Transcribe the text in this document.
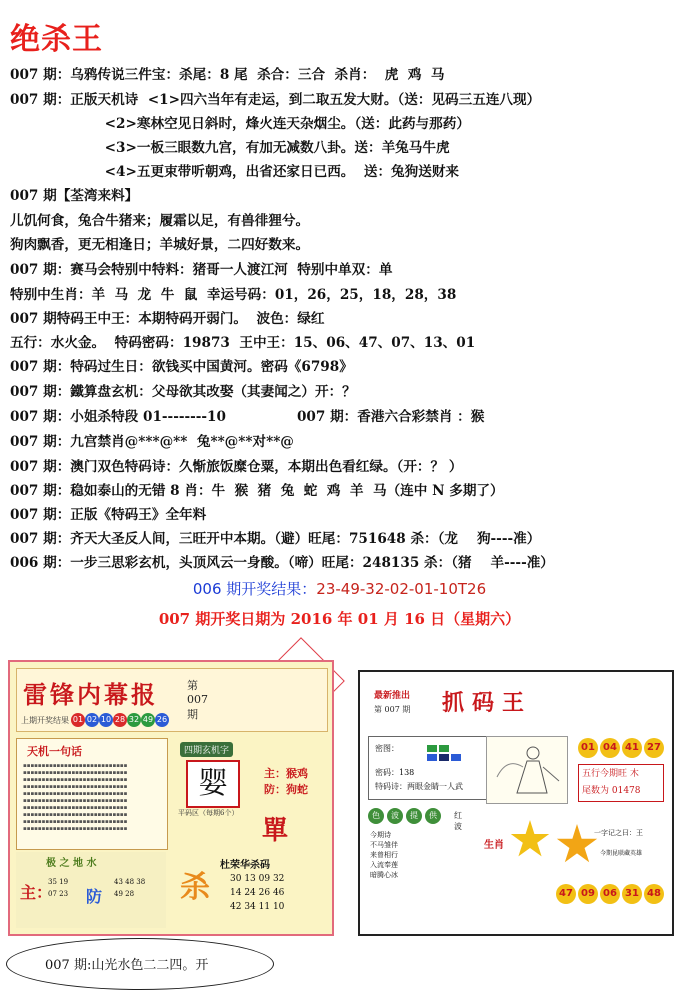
绝杀王
007 期：乌鸦传说三件宝：杀尾：8 尾  杀合：三合  杀肖：  虎  鸡  马
007 期：正版天机诗  <1>四六当年有走运，到二取五发大财。（送：见码三五连八现）
<2>寒林空见日斜时，烽火连天杂烟尘。（送：此药与那药）
<3>一板三眼数九宫，有加无减数八卦。送：羊兔马牛虎
<4>五更束带听朝鸡，出省还家日已西。  送：兔狗送财来
007 期【荃湾来料】
儿饥何食，兔合牛猪来；履霜以足，有兽徘狸兮。
狗肉飘香，更无相逢日；羊城好景，二四好数来。
007 期：赛马会特别中特料：猪哥一人渡江河  特别中单双：单
特别中生肖：羊  马  龙  牛  鼠  幸运号码：01，26，25，18，28，38
007 期特码王中王：本期特码开弱门。  波色：绿红
五行：水火金。  特码密码：19873  王中王：15、06、47、07、13、01
007 期：特码过生日：欲钱买中国黄河。密码《6798》
007 期：鐵算盘玄机：父母欲其改娶（其妻闻之）开：？
007 期：小姐杀特段 01--------10               007 期：香港六合彩禁肖 ：猴
007 期：九宫禁肖@***@**  兔**@**对**@
007 期：澳门双色特码诗：久惭旅饭糜仓粟，本期出色看红绿。（开：？ ）
007 期：稳如泰山的无错 8 肖：牛  猴  猪  兔  蛇  鸡  羊  马（连中 N 多期了）
007 期：正版《特码王》全年料
007 期：齐天大圣反人间，三旺开中本期。（避）旺尾：751648 杀：（龙    狗----准）
006 期：一步三思彩玄机，头顶风云一身酸。（啼）旺尾：248135 杀：（猪    羊----准）
006 期开奖结果：23-49-32-02-01-10T26
007 期开奖日期为 2016 年 01 月 16 日（星期六）
雷锋内幕报	第 007 期
上期开奖结果 01 02 10 28 32 49 26
天机一句话
▪▪▪▪▪▪▪▪▪▪▪▪▪▪▪▪▪▪▪▪▪▪▪▪▪▪▪▪
▪▪▪▪▪▪▪▪▪▪▪▪▪▪▪▪▪▪▪▪▪▪▪▪▪▪▪▪
▪▪▪▪▪▪▪▪▪▪▪▪▪▪▪▪▪▪▪▪▪▪▪▪▪▪▪▪
▪▪▪▪▪▪▪▪▪▪▪▪▪▪▪▪▪▪▪▪▪▪▪▪▪▪▪▪
▪▪▪▪▪▪▪▪▪▪▪▪▪▪▪▪▪▪▪▪▪▪▪▪▪▪▪▪
▪▪▪▪▪▪▪▪▪▪▪▪▪▪▪▪▪▪▪▪▪▪▪▪▪▪▪▪
▪▪▪▪▪▪▪▪▪▪▪▪▪▪▪▪▪▪▪▪▪▪▪▪▪▪▪▪
▪▪▪▪▪▪▪▪▪▪▪▪▪▪▪▪▪▪▪▪▪▪▪▪▪▪▪▪
▪▪▪▪▪▪▪▪▪▪▪▪▪▪▪▪▪▪▪▪▪▪▪▪▪▪▪▪
▪▪▪▪▪▪▪▪▪▪▪▪▪▪▪▪▪▪▪▪▪▪▪▪▪▪▪▪
四期玄机字
婴	主：猴鸡
防：狗蛇
平码区（每期6个）
單
极 之 地 水
主：
35 19
07 23 防
43 48 38
49 28	杀
杜荣华杀码
30 13 09 32
14 24 26 46
42 34 11 10
最新推出
第 007 期 抓码王
密图：
密码：138
特码诗：两眼金睛一人武
01 04 41 27
五行今期旺 木
尾数为 01478
色	波	提	供	红波
今期诗
不马雏伴
来曾相行
入流奉莲
暗腾心冰
生肖
一字记之曰：王
今期昆联藏英雄
47 09 06 31 48
007 期:山光水色二二四。开
